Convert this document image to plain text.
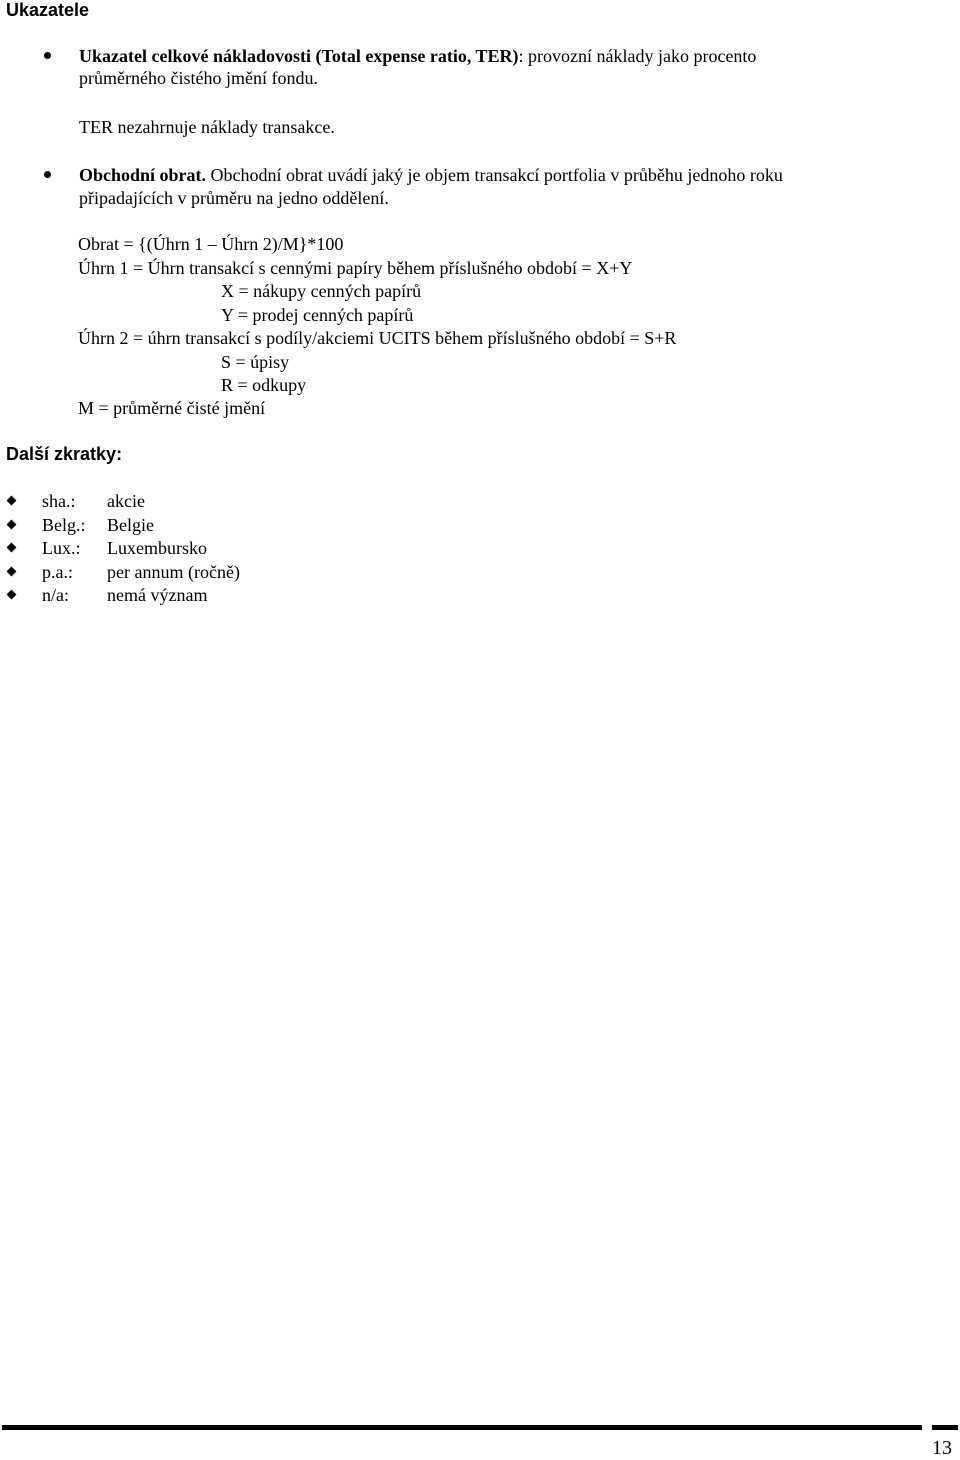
Ukazatele
Ukazatel celkové nákladovosti (Total expense ratio, TER): provozní náklady jako procento
průměrného čistého jmění fondu.
TER nezahrnuje náklady transakce.
Obchodní obrat. Obchodní obrat uvádí jaký je objem transakcí portfolia v průběhu jednoho roku
připadajících v průměru na jedno oddělení.
Obrat = {(Úhrn 1 – Úhrn 2)/M}*100
Úhrn 1 = Úhrn transakcí s cennými papíry během příslušného období = X+Y
X = nákupy cenných papírů
Y = prodej cenných papírů
Úhrn 2 = úhrn transakcí s podíly/akciemi UCITS během příslušného období = S+R
S = úpisy
R = odkupy
M = průměrné čisté jmění
Další zkratky:
sha.: akcie
Belg.: Belgie
Lux.: Luxembursko
p.a.: per annum (ročně)
n/a: nemá význam
13
